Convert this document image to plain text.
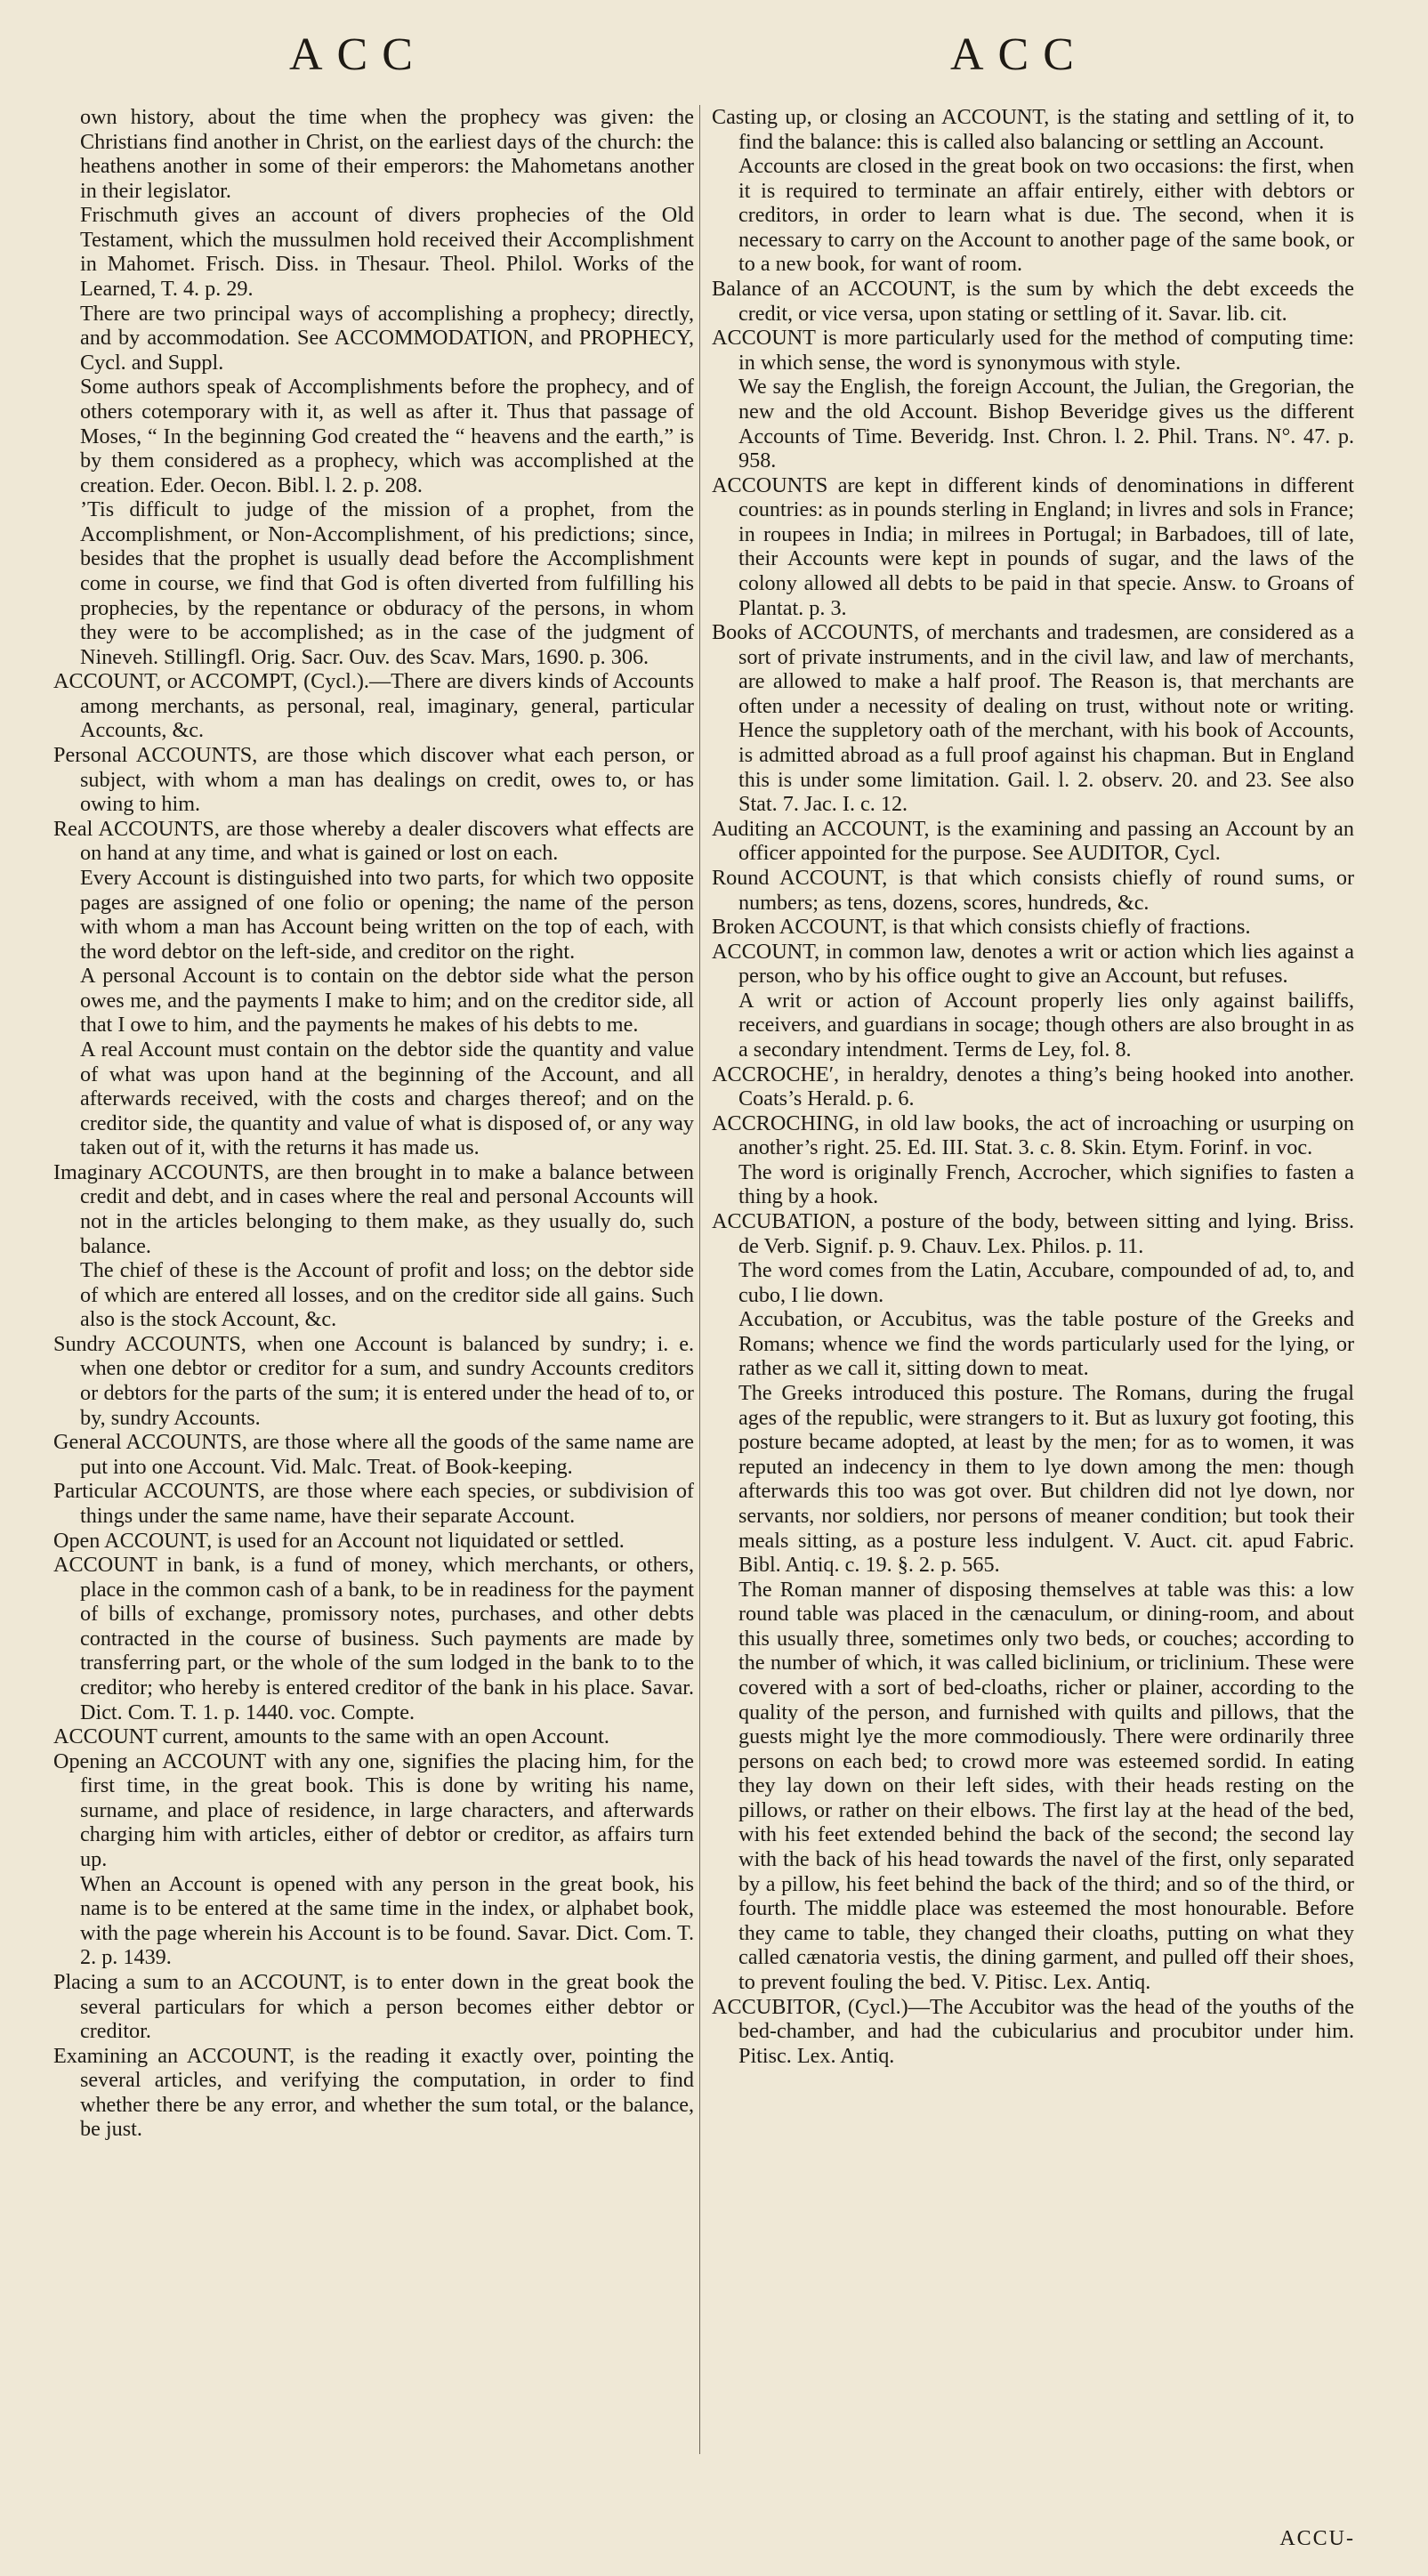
ACC	ACC

own history, about the time when the prophecy was given: the Christians find another in Christ, on the earliest days of the church: the heathens another in some of their emperors: the Mahometans another in their legislator.

Frischmuth gives an account of divers prophecies of the Old Testament, which the mussulmen hold received their Accomplishment in Mahomet. Frisch. Diss. in Thesaur. Theol. Philol. Works of the Learned, T. 4. p. 29.

There are two principal ways of accomplishing a prophecy; directly, and by accommodation. See ACCOMMODATION, and PROPHECY, Cycl. and Suppl.

Some authors speak of Accomplishments before the prophecy, and of others cotemporary with it, as well as after it. Thus that passage of Moses, “ In the beginning God created the “ heavens and the earth,” is by them considered as a prophecy, which was accomplished at the creation. Eder. Oecon. Bibl. l. 2. p. 208.

’Tis difficult to judge of the mission of a prophet, from the Accomplishment, or Non-Accomplishment, of his predictions; since, besides that the prophet is usually dead before the Accomplishment come in course, we find that God is often diverted from fulfilling his prophecies, by the repentance or obduracy of the persons, in whom they were to be accomplished; as in the case of the judgment of Nineveh. Stillingfl. Orig. Sacr. Ouv. des Scav. Mars, 1690. p. 306.

ACCOUNT, or ACCOMPT, (Cycl.).—There are divers kinds of Accounts among merchants, as personal, real, imaginary, general, particular Accounts, &c.

Personal ACCOUNTS, are those which discover what each person, or subject, with whom a man has dealings on credit, owes to, or has owing to him.

Real ACCOUNTS, are those whereby a dealer discovers what effects are on hand at any time, and what is gained or lost on each.

Every Account is distinguished into two parts, for which two opposite pages are assigned of one folio or opening; the name of the person with whom a man has Account being written on the top of each, with the word debtor on the left-side, and creditor on the right.

A personal Account is to contain on the debtor side what the person owes me, and the payments I make to him; and on the creditor side, all that I owe to him, and the payments he makes of his debts to me.

A real Account must contain on the debtor side the quantity and value of what was upon hand at the beginning of the Account, and all afterwards received, with the costs and charges thereof; and on the creditor side, the quantity and value of what is disposed of, or any way taken out of it, with the returns it has made us.

Imaginary ACCOUNTS, are then brought in to make a balance between credit and debt, and in cases where the real and personal Accounts will not in the articles belonging to them make, as they usually do, such balance.

The chief of these is the Account of profit and loss; on the debtor side of which are entered all losses, and on the creditor side all gains. Such also is the stock Account, &c.

Sundry ACCOUNTS, when one Account is balanced by sundry; i. e. when one debtor or creditor for a sum, and sundry Accounts creditors or debtors for the parts of the sum; it is entered under the head of to, or by, sundry Accounts.

General ACCOUNTS, are those where all the goods of the same name are put into one Account. Vid. Malc. Treat. of Book-keeping.

Particular ACCOUNTS, are those where each species, or subdivision of things under the same name, have their separate Account.

Open ACCOUNT, is used for an Account not liquidated or settled.

ACCOUNT in bank, is a fund of money, which merchants, or others, place in the common cash of a bank, to be in readiness for the payment of bills of exchange, promissory notes, purchases, and other debts contracted in the course of business. Such payments are made by transferring part, or the whole of the sum lodged in the bank to to the creditor; who hereby is entered creditor of the bank in his place. Savar. Dict. Com. T. 1. p. 1440. voc. Compte.

ACCOUNT current, amounts to the same with an open Account.

Opening an ACCOUNT with any one, signifies the placing him, for the first time, in the great book. This is done by writing his name, surname, and place of residence, in large characters, and afterwards charging him with articles, either of debtor or creditor, as affairs turn up.

When an Account is opened with any person in the great book, his name is to be entered at the same time in the index, or alphabet book, with the page wherein his Account is to be found. Savar. Dict. Com. T. 2. p. 1439.

Placing a sum to an ACCOUNT, is to enter down in the great book the several particulars for which a person becomes either debtor or creditor.

Examining an ACCOUNT, is the reading it exactly over, pointing the several articles, and verifying the computation, in order to find whether there be any error, and whether the sum total, or the balance, be just.

Casting up, or closing an ACCOUNT, is the stating and settling of it, to find the balance: this is called also balancing or settling an Account.

Accounts are closed in the great book on two occasions: the first, when it is required to terminate an affair entirely, either with debtors or creditors, in order to learn what is due. The second, when it is necessary to carry on the Account to another page of the same book, or to a new book, for want of room.

Balance of an ACCOUNT, is the sum by which the debt exceeds the credit, or vice versa, upon stating or settling of it. Savar. lib. cit.

ACCOUNT is more particularly used for the method of computing time: in which sense, the word is synonymous with style.

We say the English, the foreign Account, the Julian, the Gregorian, the new and the old Account. Bishop Beveridge gives us the different Accounts of Time. Beveridg. Inst. Chron. l. 2. Phil. Trans. N°. 47. p. 958.

ACCOUNTS are kept in different kinds of denominations in different countries: as in pounds sterling in England; in livres and sols in France; in roupees in India; in milrees in Portugal; in Barbadoes, till of late, their Accounts were kept in pounds of sugar, and the laws of the colony allowed all debts to be paid in that specie. Answ. to Groans of Plantat. p. 3.

Books of ACCOUNTS, of merchants and tradesmen, are considered as a sort of private instruments, and in the civil law, and law of merchants, are allowed to make a half proof. The Reason is, that merchants are often under a necessity of dealing on trust, without note or writing. Hence the suppletory oath of the merchant, with his book of Accounts, is admitted abroad as a full proof against his chapman. But in England this is under some limitation. Gail. l. 2. observ. 20. and 23. See also Stat. 7. Jac. I. c. 12.

Auditing an ACCOUNT, is the examining and passing an Account by an officer appointed for the purpose. See AUDITOR, Cycl.

Round ACCOUNT, is that which consists chiefly of round sums, or numbers; as tens, dozens, scores, hundreds, &c.

Broken ACCOUNT, is that which consists chiefly of fractions.

ACCOUNT, in common law, denotes a writ or action which lies against a person, who by his office ought to give an Account, but refuses.

A writ or action of Account properly lies only against bailiffs, receivers, and guardians in socage; though others are also brought in as a secondary intendment. Terms de Ley, fol. 8.

ACCROCHE′, in heraldry, denotes a thing’s being hooked into another. Coats’s Herald. p. 6.

ACCROCHING, in old law books, the act of incroaching or usurping on another’s right. 25. Ed. III. Stat. 3. c. 8. Skin. Etym. Forinf. in voc.

The word is originally French, Accrocher, which signifies to fasten a thing by a hook.

ACCUBATION, a posture of the body, between sitting and lying. Briss. de Verb. Signif. p. 9. Chauv. Lex. Philos. p. 11.

The word comes from the Latin, Accubare, compounded of ad, to, and cubo, I lie down.

Accubation, or Accubitus, was the table posture of the Greeks and Romans; whence we find the words particularly used for the lying, or rather as we call it, sitting down to meat.

The Greeks introduced this posture. The Romans, during the frugal ages of the republic, were strangers to it. But as luxury got footing, this posture became adopted, at least by the men; for as to women, it was reputed an indecency in them to lye down among the men: though afterwards this too was got over. But children did not lye down, nor servants, nor soldiers, nor persons of meaner condition; but took their meals sitting, as a posture less indulgent. V. Auct. cit. apud Fabric. Bibl. Antiq. c. 19. §. 2. p. 565.

The Roman manner of disposing themselves at table was this: a low round table was placed in the cænaculum, or dining-room, and about this usually three, sometimes only two beds, or couches; according to the number of which, it was called biclinium, or triclinium. These were covered with a sort of bed-cloaths, richer or plainer, according to the quality of the person, and furnished with quilts and pillows, that the guests might lye the more commodiously. There were ordinarily three persons on each bed; to crowd more was esteemed sordid. In eating they lay down on their left sides, with their heads resting on the pillows, or rather on their elbows. The first lay at the head of the bed, with his feet extended behind the back of the second; the second lay with the back of his head towards the navel of the first, only separated by a pillow, his feet behind the back of the third; and so of the third, or fourth. The middle place was esteemed the most honourable. Before they came to table, they changed their cloaths, putting on what they called cænatoria vestis, the dining garment, and pulled off their shoes, to prevent fouling the bed. V. Pitisc. Lex. Antiq.

ACCUBITOR, (Cycl.)—The Accubitor was the head of the youths of the bed-chamber, and had the cubicularius and procubitor under him. Pitisc. Lex. Antiq.

ACCU-
